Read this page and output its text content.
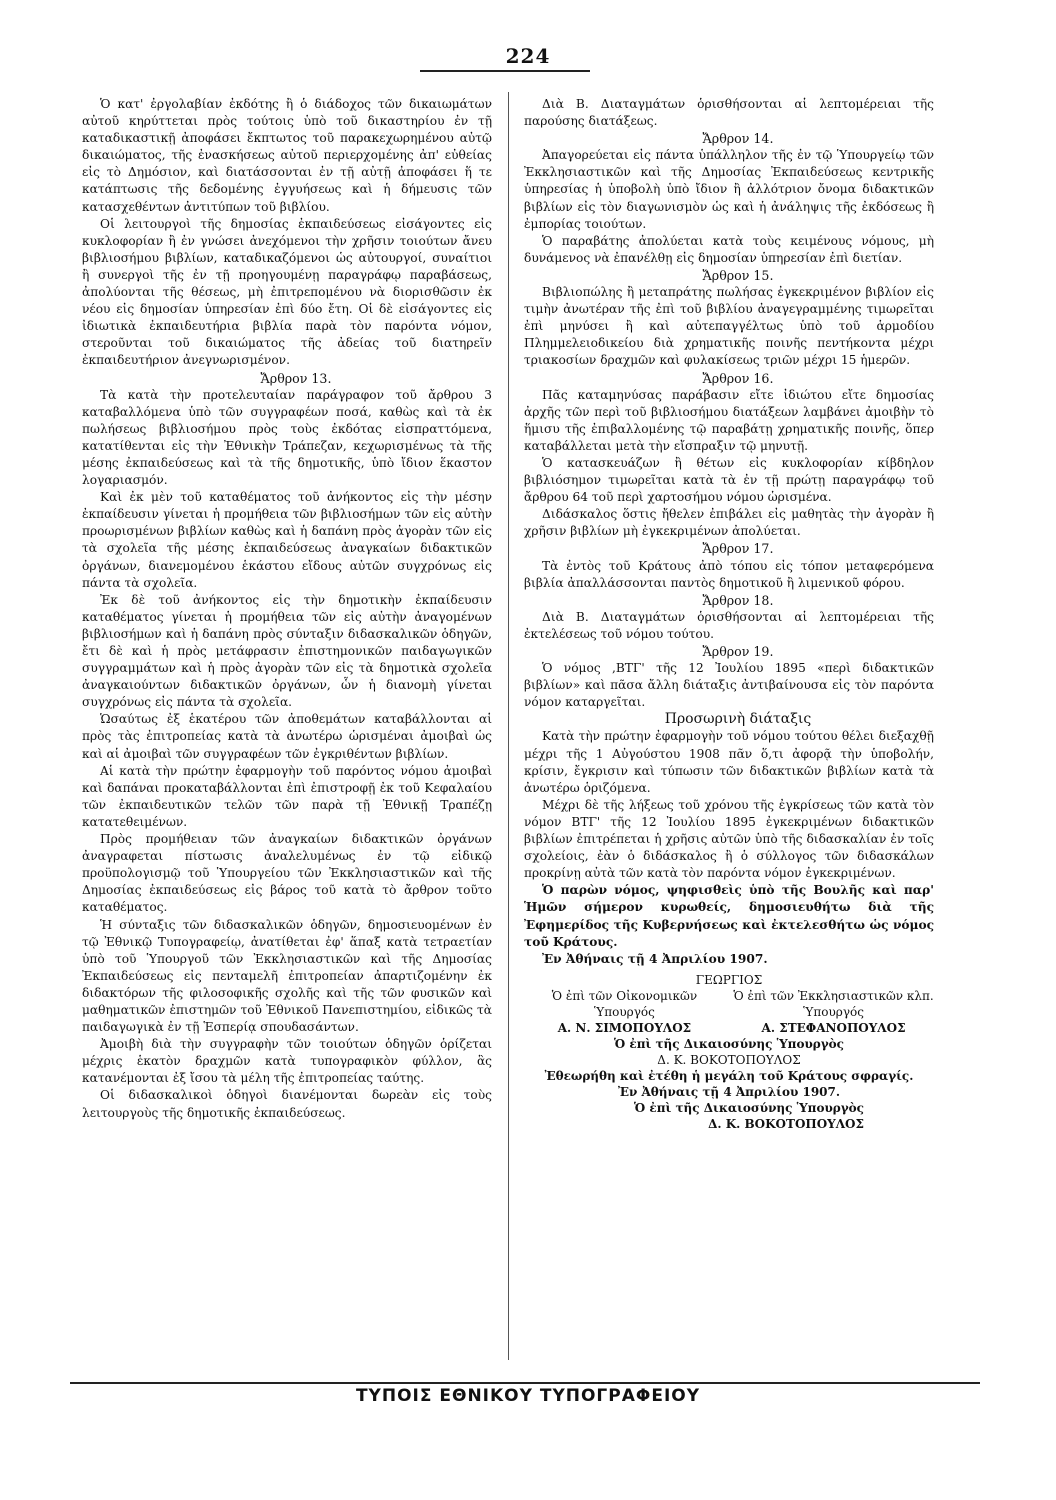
224

Ὁ κατ' ἐργολαβίαν ἐκδότης ἢ ὁ διάδοχος τῶν δικαιωμάτων αὐτοῦ κηρύττεται πρὸς τούτοις ὑπὸ τοῦ δικαστηρίου ἐν τῇ καταδικαστικῇ ἀποφάσει ἔκπτωτος τοῦ παρακεχωρημένου αὐτῷ δικαιώματος, τῆς ἐνασκήσεως αὐτοῦ περιερχομένης ἀπ' εὐθείας εἰς τὸ Δημόσιον, καὶ διατάσσονται ἐν τῇ αὐτῇ ἀποφάσει ἥ τε κατάπτωσις τῆς δεδομένης ἐγγυήσεως καὶ ἡ δήμευσις τῶν κατασχεθέντων ἀντιτύπων τοῦ βιβλίου.

Οἱ λειτουργοὶ τῆς δημοσίας ἐκπαιδεύσεως εἰσάγοντες εἰς κυκλοφορίαν ἢ ἐν γνώσει ἀνεχόμενοι τὴν χρῆσιν τοιούτων ἄνευ βιβλιοσήμου βιβλίων, καταδικαζόμενοι ὡς αὐτουργοί, συναίτιοι ἢ συνεργοὶ τῆς ἐν τῇ προηγουμένῃ παραγράφῳ παραβάσεως, ἀπολύονται τῆς θέσεως, μὴ ἐπιτρεπομένου νὰ διορισθῶσιν ἐκ νέου εἰς δημοσίαν ὑπηρεσίαν ἐπὶ δύο ἔτη. Οἱ δὲ εἰσάγοντες εἰς ἰδιωτικὰ ἐκπαιδευτήρια βιβλία παρὰ τὸν παρόντα νόμον, στεροῦνται τοῦ δικαιώματος τῆς ἀδείας τοῦ διατηρεῖν ἐκπαιδευτήριον ἀνεγνωρισμένον.

Ἄρθρον 13.

Τὰ κατὰ τὴν προτελευταίαν παράγραφον τοῦ ἄρθρου 3 καταβαλλόμενα ὑπὸ τῶν συγγραφέων ποσά, καθὼς καὶ τὰ ἐκ πωλήσεως βιβλιοσήμου πρὸς τοὺς ἐκδότας εἰσπραττόμενα, κατατίθενται εἰς τὴν Ἐθνικὴν Τράπεζαν, κεχωρισμένως τὰ τῆς μέσης ἐκπαιδεύσεως καὶ τὰ τῆς δημοτικῆς, ὑπὸ ἴδιον ἕκαστον λογαριασμόν.

Καὶ ἐκ μὲν τοῦ καταθέματος τοῦ ἀνήκοντος εἰς τὴν μέσην ἐκπαίδευσιν γίνεται ἡ προμήθεια τῶν βιβλιοσήμων τῶν εἰς αὐτὴν προωρισμένων βιβλίων καθὼς καὶ ἡ δαπάνη πρὸς ἀγορὰν τῶν εἰς τὰ σχολεῖα τῆς μέσης ἐκπαιδεύσεως ἀναγκαίων διδακτικῶν ὀργάνων, διανεμομένου ἑκάστου εἴδους αὐτῶν συγχρόνως εἰς πάντα τὰ σχολεῖα.

Ἐκ δὲ τοῦ ἀνήκοντος εἰς τὴν δημοτικὴν ἐκπαίδευσιν καταθέματος γίνεται ἡ προμήθεια τῶν εἰς αὐτὴν ἀναγομένων βιβλιοσήμων καὶ ἡ δαπάνη πρὸς σύνταξιν διδασκαλικῶν ὁδηγῶν, ἔτι δὲ καὶ ἡ πρὸς μετάφρασιν ἐπιστημονικῶν παιδαγωγικῶν συγγραμμάτων καὶ ἡ πρὸς ἀγορὰν τῶν εἰς τὰ δημοτικὰ σχολεῖα ἀναγκαιούντων διδακτικῶν ὀργάνων, ὧν ἡ διανομὴ γίνεται συγχρόνως εἰς πάντα τὰ σχολεῖα.

Ὡσαύτως ἐξ ἑκατέρου τῶν ἀποθεμάτων καταβάλλονται αἱ πρὸς τὰς ἐπιτροπείας κατὰ τὰ ἀνωτέρω ὡρισμέναι ἀμοιβαὶ ὡς καὶ αἱ ἀμοιβαὶ τῶν συγγραφέων τῶν ἐγκριθέντων βιβλίων.

Αἱ κατὰ τὴν πρώτην ἐφαρμογὴν τοῦ παρόντος νόμου ἀμοιβαὶ καὶ δαπάναι προκαταβάλλονται ἐπὶ ἐπιστροφῇ ἐκ τοῦ Κεφαλαίου τῶν ἐκπαιδευτικῶν τελῶν τῶν παρὰ τῇ Ἐθνικῇ Τραπέζῃ κατατεθειμένων.

Πρὸς προμήθειαν τῶν ἀναγκαίων διδακτικῶν ὀργάνων ἀναγραφεται πίστωσις ἀναλελυμένως ἐν τῷ εἰδικῷ προϋπολογισμῷ τοῦ Ὑπουργείου τῶν Ἐκκλησιαστικῶν καὶ τῆς Δημοσίας ἐκπαιδεύσεως εἰς βάρος τοῦ κατὰ τὸ ἄρθρον τοῦτο καταθέματος.

Ἡ σύνταξις τῶν διδασκαλικῶν ὁδηγῶν, δημοσιευομένων ἐν τῷ Ἐθνικῷ Τυπογραφείῳ, ἀνατίθεται ἐφ' ἅπαξ κατὰ τετραετίαν ὑπὸ τοῦ Ὑπουργοῦ τῶν Ἐκκλησιαστικῶν καὶ τῆς Δημοσίας Ἐκπαιδεύσεως εἰς πενταμελῆ ἐπιτροπείαν ἀπαρτιζομένην ἐκ διδακτόρων τῆς φιλοσοφικῆς σχολῆς καὶ τῆς τῶν φυσικῶν καὶ μαθηματικῶν ἐπιστημῶν τοῦ Ἐθνικοῦ Πανεπιστημίου, εἰδικῶς τὰ παιδαγωγικὰ ἐν τῇ Ἑσπερίᾳ σπουδασάντων.

Ἀμοιβὴ διὰ τὴν συγγραφὴν τῶν τοιούτων ὁδηγῶν ὁρίζεται μέχρις ἑκατὸν δραχμῶν κατὰ τυπογραφικὸν φύλλον, ἃς κατανέμονται ἐξ ἴσου τὰ μέλη τῆς ἐπιτροπείας ταύτης.

Οἱ διδασκαλικοὶ ὁδηγοὶ διανέμονται δωρεὰν εἰς τοὺς λειτουργοὺς τῆς δημοτικῆς ἐκπαιδεύσεως.

Διὰ Β. Διαταγμάτων ὁρισθήσονται αἱ λεπτομέρειαι τῆς παρούσης διατάξεως.

Ἄρθρον 14.

Ἀπαγορεύεται εἰς πάντα ὑπάλληλον τῆς ἐν τῷ Ὑπουργείῳ τῶν Ἐκκλησιαστικῶν καὶ τῆς Δημοσίας Ἐκπαιδεύσεως κεντρικῆς ὑπηρεσίας ἡ ὑποβολὴ ὑπὸ ἴδιον ἢ ἀλλότριον ὄνομα διδακτικῶν βιβλίων εἰς τὸν διαγωνισμὸν ὡς καὶ ἡ ἀνάληψις τῆς ἐκδόσεως ἢ ἐμπορίας τοιούτων.

Ὁ παραβάτης ἀπολύεται κατὰ τοὺς κειμένους νόμους, μὴ δυνάμενος νὰ ἐπανέλθῃ εἰς δημοσίαν ὑπηρεσίαν ἐπὶ διετίαν.

Ἄρθρον 15.

Βιβλιοπώλης ἢ μεταπράτης πωλήσας ἐγκεκριμένον βιβλίον εἰς τιμὴν ἀνωτέραν τῆς ἐπὶ τοῦ βιβλίου ἀναγεγραμμένης τιμωρεῖται ἐπὶ μηνύσει ἢ καὶ αὐτεπαγγέλτως ὑπὸ τοῦ ἁρμοδίου Πλημμελειοδικείου διὰ χρηματικῆς ποινῆς πεντήκοντα μέχρι τριακοσίων δραχμῶν καὶ φυλακίσεως τριῶν μέχρι 15 ἡμερῶν.

Ἄρθρον 16.

Πᾶς καταμηνύσας παράβασιν εἴτε ἰδιώτου εἴτε δημοσίας ἀρχῆς τῶν περὶ τοῦ βιβλιοσήμου διατάξεων λαμβάνει ἀμοιβὴν τὸ ἥμισυ τῆς ἐπιβαλλομένης τῷ παραβάτῃ χρηματικῆς ποινῆς, ὅπερ καταβάλλεται μετὰ τὴν εἴσπραξιν τῷ μηνυτῇ.

Ὁ κατασκευάζων ἢ θέτων εἰς κυκλοφορίαν κίβδηλον βιβλιόσημον τιμωρεῖται κατὰ τὰ ἐν τῇ πρώτῃ παραγράφῳ τοῦ ἄρθρου 64 τοῦ περὶ χαρτοσήμου νόμου ὡρισμένα.

Διδάσκαλος ὅστις ἤθελεν ἐπιβάλει εἰς μαθητὰς τὴν ἀγορὰν ἢ χρῆσιν βιβλίων μὴ ἐγκεκριμένων ἀπολύεται.

Ἄρθρον 17.

Τὰ ἐντὸς τοῦ Κράτους ἀπὸ τόπου εἰς τόπον μεταφερόμενα βιβλία ἀπαλλάσσονται παντὸς δημοτικοῦ ἢ λιμενικοῦ φόρου.

Ἄρθρον 18.

Διὰ Β. Διαταγμάτων ὁρισθήσονται αἱ λεπτομέρειαι τῆς ἐκτελέσεως τοῦ νόμου τούτου.

Ἄρθρον 19.

Ὁ νόμος ,ΒΤΓ' τῆς 12 Ἰουλίου 1895 «περὶ διδακτικῶν βιβλίων» καὶ πᾶσα ἄλλη διάταξις ἀντιβαίνουσα εἰς τὸν παρόντα νόμον καταργεῖται.

Προσωρινὴ διάταξις

Κατὰ τὴν πρώτην ἐφαρμογὴν τοῦ νόμου τούτου θέλει διεξαχθῇ μέχρι τῆς 1 Αὐγούστου 1908 πᾶν ὅ,τι ἀφορᾷ τὴν ὑποβολήν, κρίσιν, ἔγκρισιν καὶ τύπωσιν τῶν διδακτικῶν βιβλίων κατὰ τὰ ἀνωτέρω ὁριζόμενα.

Μέχρι δὲ τῆς λήξεως τοῦ χρόνου τῆς ἐγκρίσεως τῶν κατὰ τὸν νόμον ΒΤΓ' τῆς 12 Ἰουλίου 1895 ἐγκεκριμένων διδακτικῶν βιβλίων ἐπιτρέπεται ἡ χρῆσις αὐτῶν ὑπὸ τῆς διδασκαλίαν ἐν τοῖς σχολείοις, ἐὰν ὁ διδάσκαλος ἢ ὁ σύλλογος τῶν διδασκάλων προκρίνῃ αὐτὰ τῶν κατὰ τὸν παρόντα νόμον ἐγκεκριμένων.

Ὁ παρὼν νόμος, ψηφισθεὶς ὑπὸ τῆς Βουλῆς καὶ παρ' Ἡμῶν σήμερον κυρωθείς, δημοσιευθήτω διὰ τῆς Ἐφημερίδος τῆς Κυβερνήσεως καὶ ἐκτελεσθήτω ὡς νόμος τοῦ Κράτους.

Ἐν Ἀθήναις τῇ 4 Ἀπριλίου 1907.

ΓΕΩΡΓΙΟΣ
Ὁ ἐπὶ τῶν Οἰκονομικῶν
Ὑπουργός
Α. Ν. ΣΙΜΟΠΟΥΛΟΣ
Ὁ ἐπὶ τῶν Ἐκκλησιαστικῶν κλπ.
Ὑπουργός
Α. ΣΤΕΦΑΝΟΠΟΥΛΟΣ
Ὁ ἐπὶ τῆς Δικαιοσύνης Ὑπουργὸς
Δ. Κ. ΒΟΚΟΤΟΠΟΥΛΟΣ
Ἐθεωρήθη καὶ ἐτέθη ἡ μεγάλη τοῦ Κράτους σφραγίς.
Ἐν Ἀθήναις τῇ 4 Ἀπριλίου 1907.
Ὁ ἐπὶ τῆς Δικαιοσύνης Ὑπουργὸς
Δ. Κ. ΒΟΚΟΤΟΠΟΥΛΟΣ
ΤΥΠΟΙΣ ΕΘΝΙΚΟΥ ΤΥΠΟΓΡΑΦΕΙΟΥ
